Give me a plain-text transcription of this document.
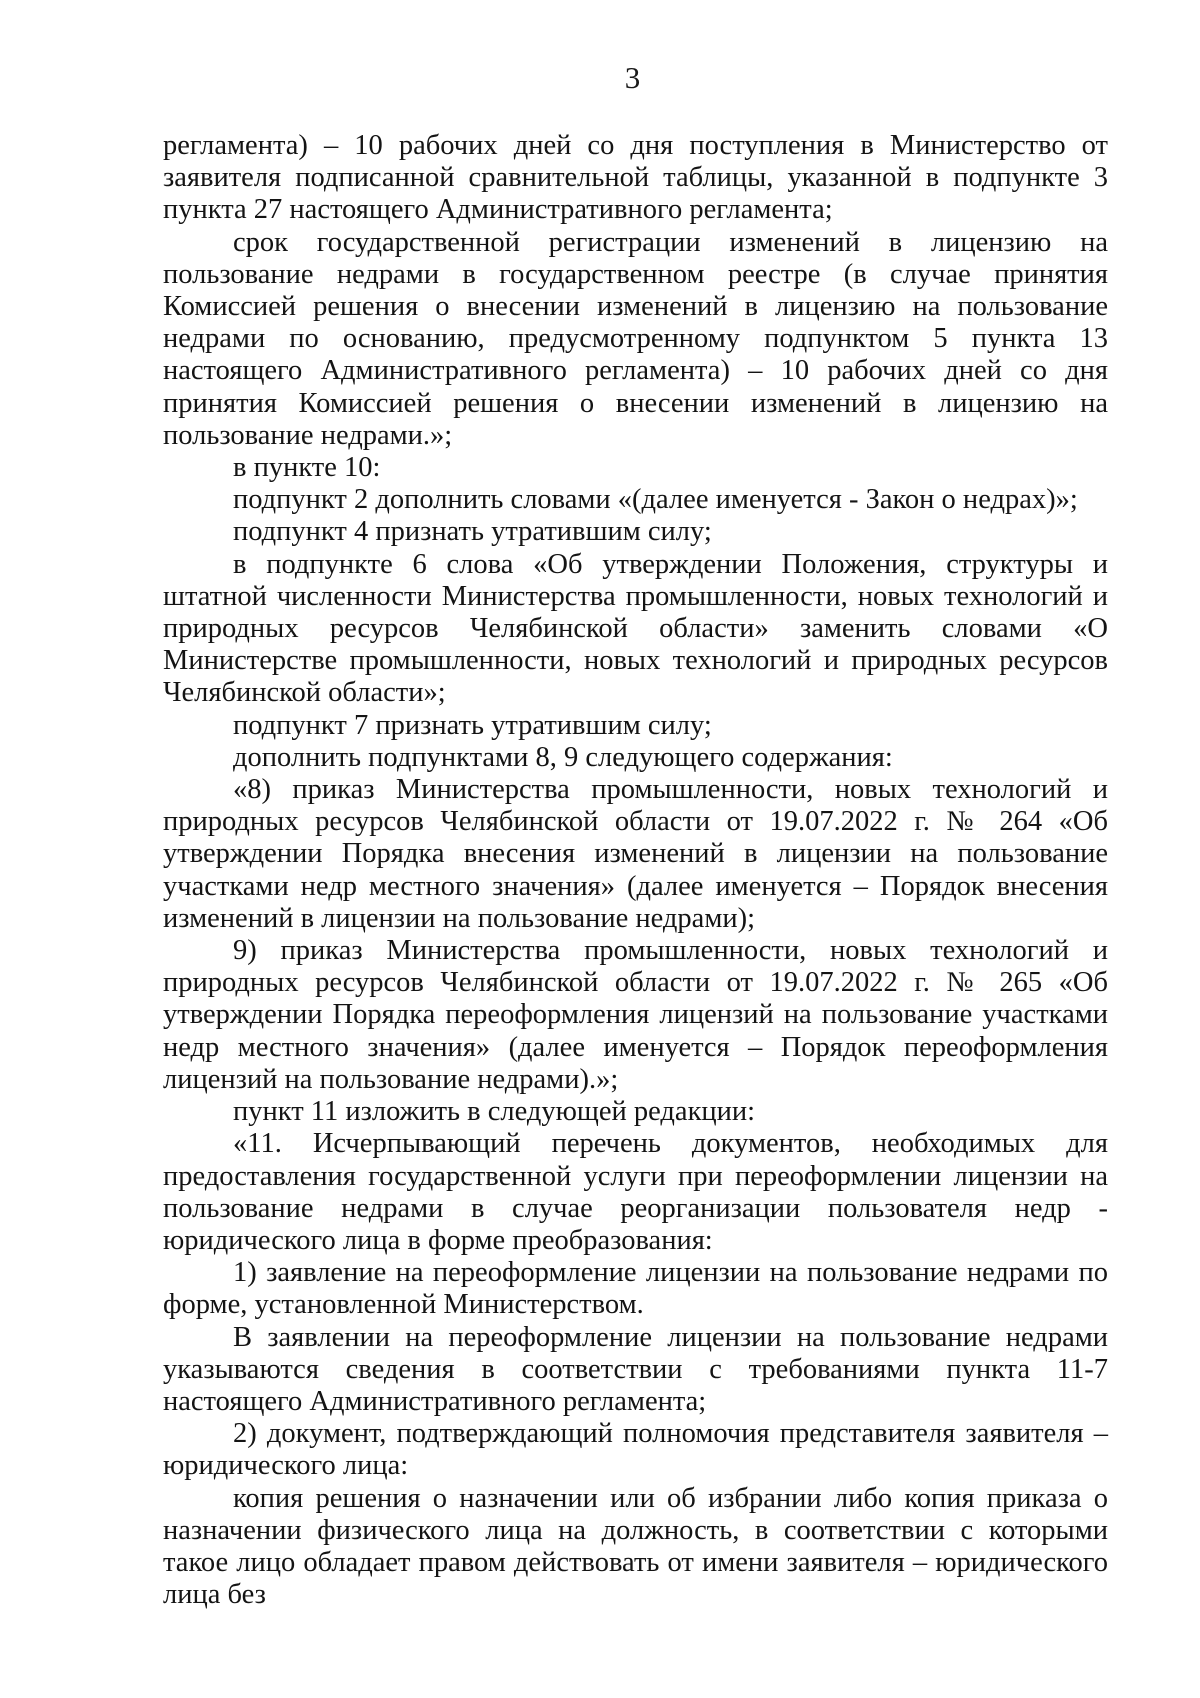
3

регламента) – 10 рабочих дней со дня поступления в Министерство от заявителя подписанной сравнительной таблицы, указанной в подпункте 3 пункта 27 настоящего Административного регламента;

срок государственной регистрации изменений в лицензию на пользование недрами в государственном реестре (в случае принятия Комиссией решения о внесении изменений в лицензию на пользование недрами по основанию, предусмотренному подпунктом 5 пункта 13 настоящего Административного регламента) – 10 рабочих дней со дня принятия Комиссией решения о внесении изменений в лицензию на пользование недрами.»;

в пункте 10:

подпункт 2 дополнить словами «(далее именуется - Закон о недрах)»;

подпункт 4 признать утратившим силу;

в подпункте 6 слова «Об утверждении Положения, структуры и штатной численности Министерства промышленности, новых технологий и природных ресурсов Челябинской области» заменить словами «О Министерстве промышленности, новых технологий и природных ресурсов Челябинской области»;

подпункт 7 признать утратившим силу;

дополнить подпунктами 8, 9 следующего содержания:

«8) приказ Министерства промышленности, новых технологий и природных ресурсов Челябинской области от 19.07.2022 г. № 264 «Об утверждении Порядка внесения изменений в лицензии на пользование участками недр местного значения» (далее именуется – Порядок внесения изменений в лицензии на пользование недрами);

9) приказ Министерства промышленности, новых технологий и природных ресурсов Челябинской области от 19.07.2022 г. № 265 «Об утверждении Порядка переоформления лицензий на пользование участками недр местного значения» (далее именуется – Порядок переоформления лицензий на пользование недрами).»;

пункт 11 изложить в следующей редакции:

«11. Исчерпывающий перечень документов, необходимых для предоставления государственной услуги при переоформлении лицензии на пользование недрами в случае реорганизации пользователя недр - юридического лица в форме преобразования:

1) заявление на переоформление лицензии на пользование недрами по форме, установленной Министерством.

В заявлении на переоформление лицензии на пользование недрами указываются сведения в соответствии с требованиями пункта 11-7 настоящего Административного регламента;

2) документ, подтверждающий полномочия представителя заявителя – юридического лица:

копия решения о назначении или об избрании либо копия приказа о назначении физического лица на должность, в соответствии с которыми такое лицо обладает правом действовать от имени заявителя – юридического лица без
